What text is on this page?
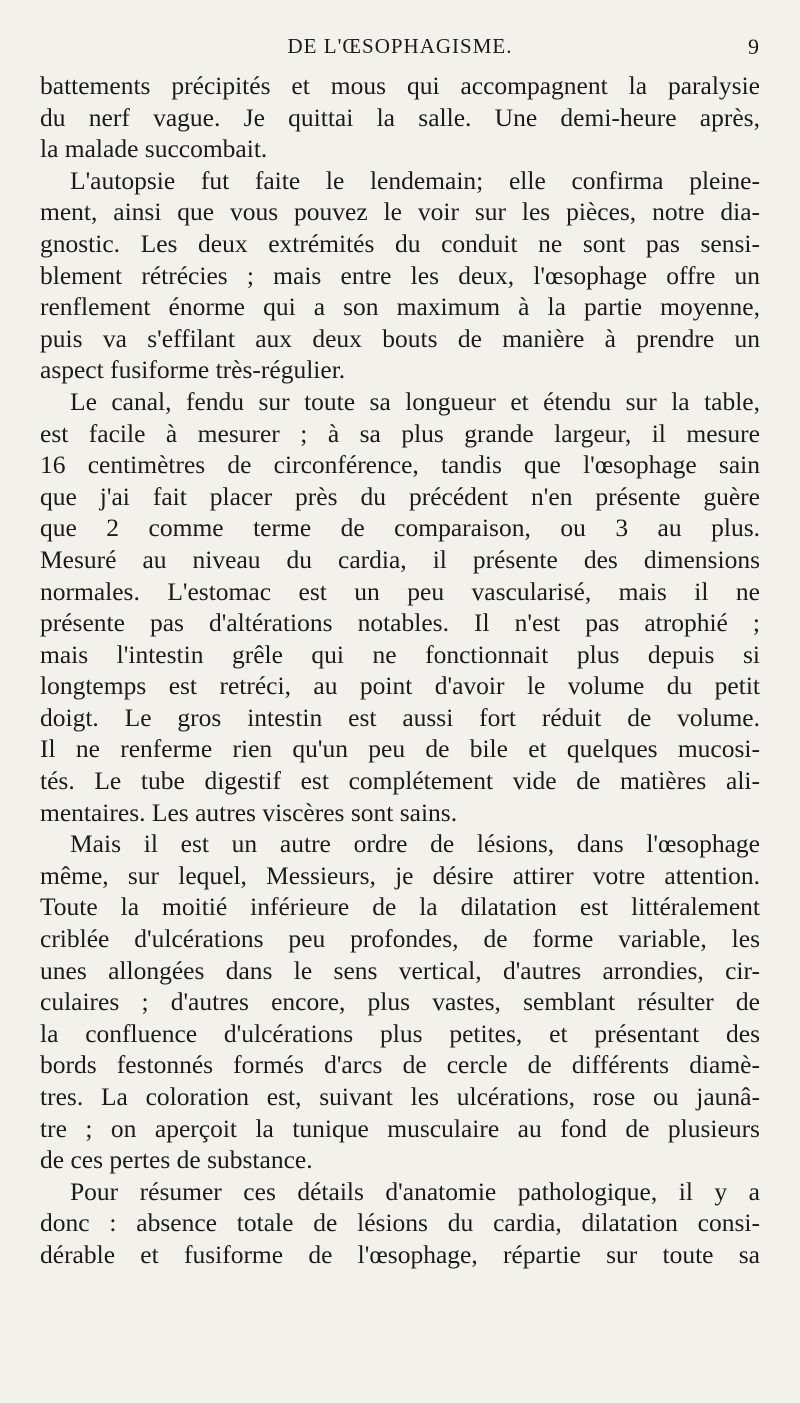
DE L'ŒSOPHAGISME.	9
battements précipités et mous qui accompagnent la paralysie
du nerf vague. Je quittai la salle. Une demi-heure après,
la malade succombait.
L'autopsie fut faite le lendemain; elle confirma pleine-
ment, ainsi que vous pouvez le voir sur les pièces, notre dia-
gnostic. Les deux extrémités du conduit ne sont pas sensi-
blement rétrécies ; mais entre les deux, l'œsophage offre un
renflement énorme qui a son maximum à la partie moyenne,
puis va s'effilant aux deux bouts de manière à prendre un
aspect fusiforme très-régulier.
Le canal, fendu sur toute sa longueur et étendu sur la table,
est facile à mesurer ; à sa plus grande largeur, il mesure
16 centimètres de circonférence, tandis que l'œsophage sain
que j'ai fait placer près du précédent n'en présente guère
que 2 comme terme de comparaison, ou 3 au plus.
Mesuré au niveau du cardia, il présente des dimensions
normales. L'estomac est un peu vascularisé, mais il ne
présente pas d'altérations notables. Il n'est pas atrophié ;
mais l'intestin grêle qui ne fonctionnait plus depuis si
longtemps est retréci, au point d'avoir le volume du petit
doigt. Le gros intestin est aussi fort réduit de volume.
Il ne renferme rien qu'un peu de bile et quelques mucosi-
tés. Le tube digestif est complétement vide de matières ali-
mentaires. Les autres viscères sont sains.
Mais il est un autre ordre de lésions, dans l'œsophage
même, sur lequel, Messieurs, je désire attirer votre attention.
Toute la moitié inférieure de la dilatation est littéralement
criblée d'ulcérations peu profondes, de forme variable, les
unes allongées dans le sens vertical, d'autres arrondies, cir-
culaires ; d'autres encore, plus vastes, semblant résulter de
la confluence d'ulcérations plus petites, et présentant des
bords festonnés formés d'arcs de cercle de différents diamè-
tres. La coloration est, suivant les ulcérations, rose ou jaunâ-
tre ; on aperçoit la tunique musculaire au fond de plusieurs
de ces pertes de substance.
Pour résumer ces détails d'anatomie pathologique, il y a
donc : absence totale de lésions du cardia, dilatation consi-
dérable et fusiforme de l'œsophage, répartie sur toute sa
